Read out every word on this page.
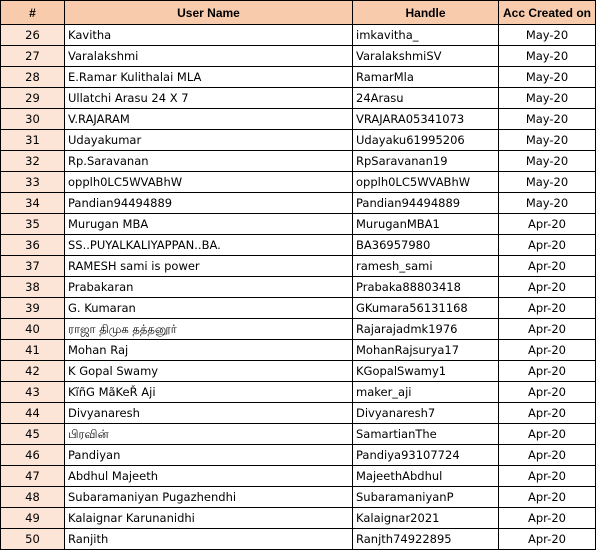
#	User Name	Handle	Acc Created on
26	Kavitha	imkavitha_	May-20
27	Varalakshmi	VaralakshmiSV	May-20
28	E.Ramar Kulithalai MLA	RamarMla	May-20
29	Ullatchi Arasu 24 X 7	24Arasu	May-20
30	V.RAJARAM	VRAJARA05341073	May-20
31	Udayakumar	Udayaku61995206	May-20
32	Rp.Saravanan	RpSaravanan19	May-20
33	opplh0LC5WVABhW	opplh0LC5WVABhW	May-20
34	Pandian94494889	Pandian94494889	May-20
35	Murugan MBA	MuruganMBA1	Apr-20
36	SS..PUYALKALIYAPPAN..BA.	BA36957980	Apr-20
37	RAMESH sami is power	ramesh_sami	Apr-20
38	Prabakaran	Prabaka88803418	Apr-20
39	G. Kumaran	GKumara56131168	Apr-20
40	ராஜா திமுக தத்தனூர்	Rajarajadmk1976	Apr-20
41	Mohan Raj	MohanRajsurya17	Apr-20
42	K Gopal Swamy	KGopalSwamy1	Apr-20
43	KĩñG MãKeŘ Aji	maker_aji	Apr-20
44	Divyanaresh	Divyanaresh7	Apr-20
45	பிரவின்	SamartianThe	Apr-20
46	Pandiyan	Pandiya93107724	Apr-20
47	Abdhul Majeeth	MajeethAbdhul	Apr-20
48	Subaramaniyan Pugazhendhi	SubaramaniyanP	Apr-20
49	Kalaignar Karunanidhi	Kalaignar2021	Apr-20
50	Ranjith	Ranjth74922895	Apr-20
